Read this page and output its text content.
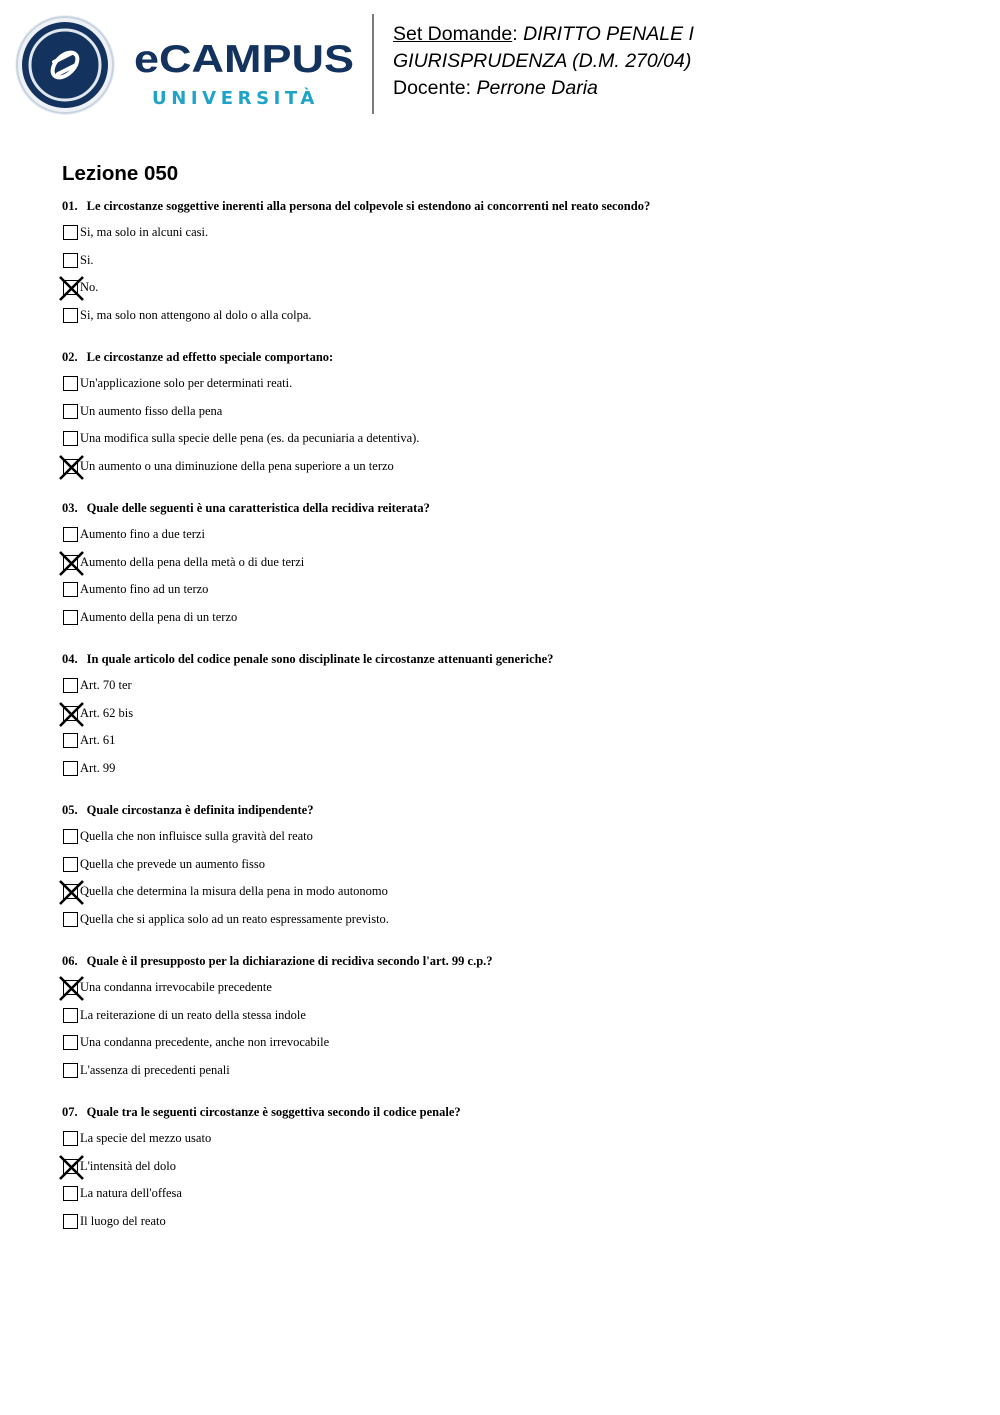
eCAMPUS

UNIVERSITÀ

Set Domande: DIRITTO PENALE I
GIURISPRUDENZA (D.M. 270/04)
Docente: Perrone Daria
Lezione 050

01. Le circostanze soggettive inerenti alla persona del colpevole si estendono ai concorrenti nel reato secondo?

Si, ma solo in alcuni casi.
Si.
No.
Si, ma solo non attengono al dolo o alla colpa.

02. Le circostanze ad effetto speciale comportano:

Un'applicazione solo per determinati reati.
Un aumento fisso della pena
Una modifica sulla specie delle pena (es. da pecuniaria a detentiva).
Un aumento o una diminuzione della pena superiore a un terzo

03. Quale delle seguenti è una caratteristica della recidiva reiterata?

Aumento fino a due terzi
Aumento della pena della metà o di due terzi
Aumento fino ad un terzo
Aumento della pena di un terzo

04. In quale articolo del codice penale sono disciplinate le circostanze attenuanti generiche?

Art. 70 ter
Art. 62 bis
Art. 61
Art. 99

05. Quale circostanza è definita indipendente?

Quella che non influisce sulla gravità del reato
Quella che prevede un aumento fisso
Quella che determina la misura della pena in modo autonomo
Quella che si applica solo ad un reato espressamente previsto.

06. Quale è il presupposto per la dichiarazione di recidiva secondo l'art. 99 c.p.?

Una condanna irrevocabile precedente
La reiterazione di un reato della stessa indole
Una condanna precedente, anche non irrevocabile
L'assenza di precedenti penali

07. Quale tra le seguenti circostanze è soggettiva secondo il codice penale?

La specie del mezzo usato
L'intensità del dolo
La natura dell'offesa
Il luogo del reato
